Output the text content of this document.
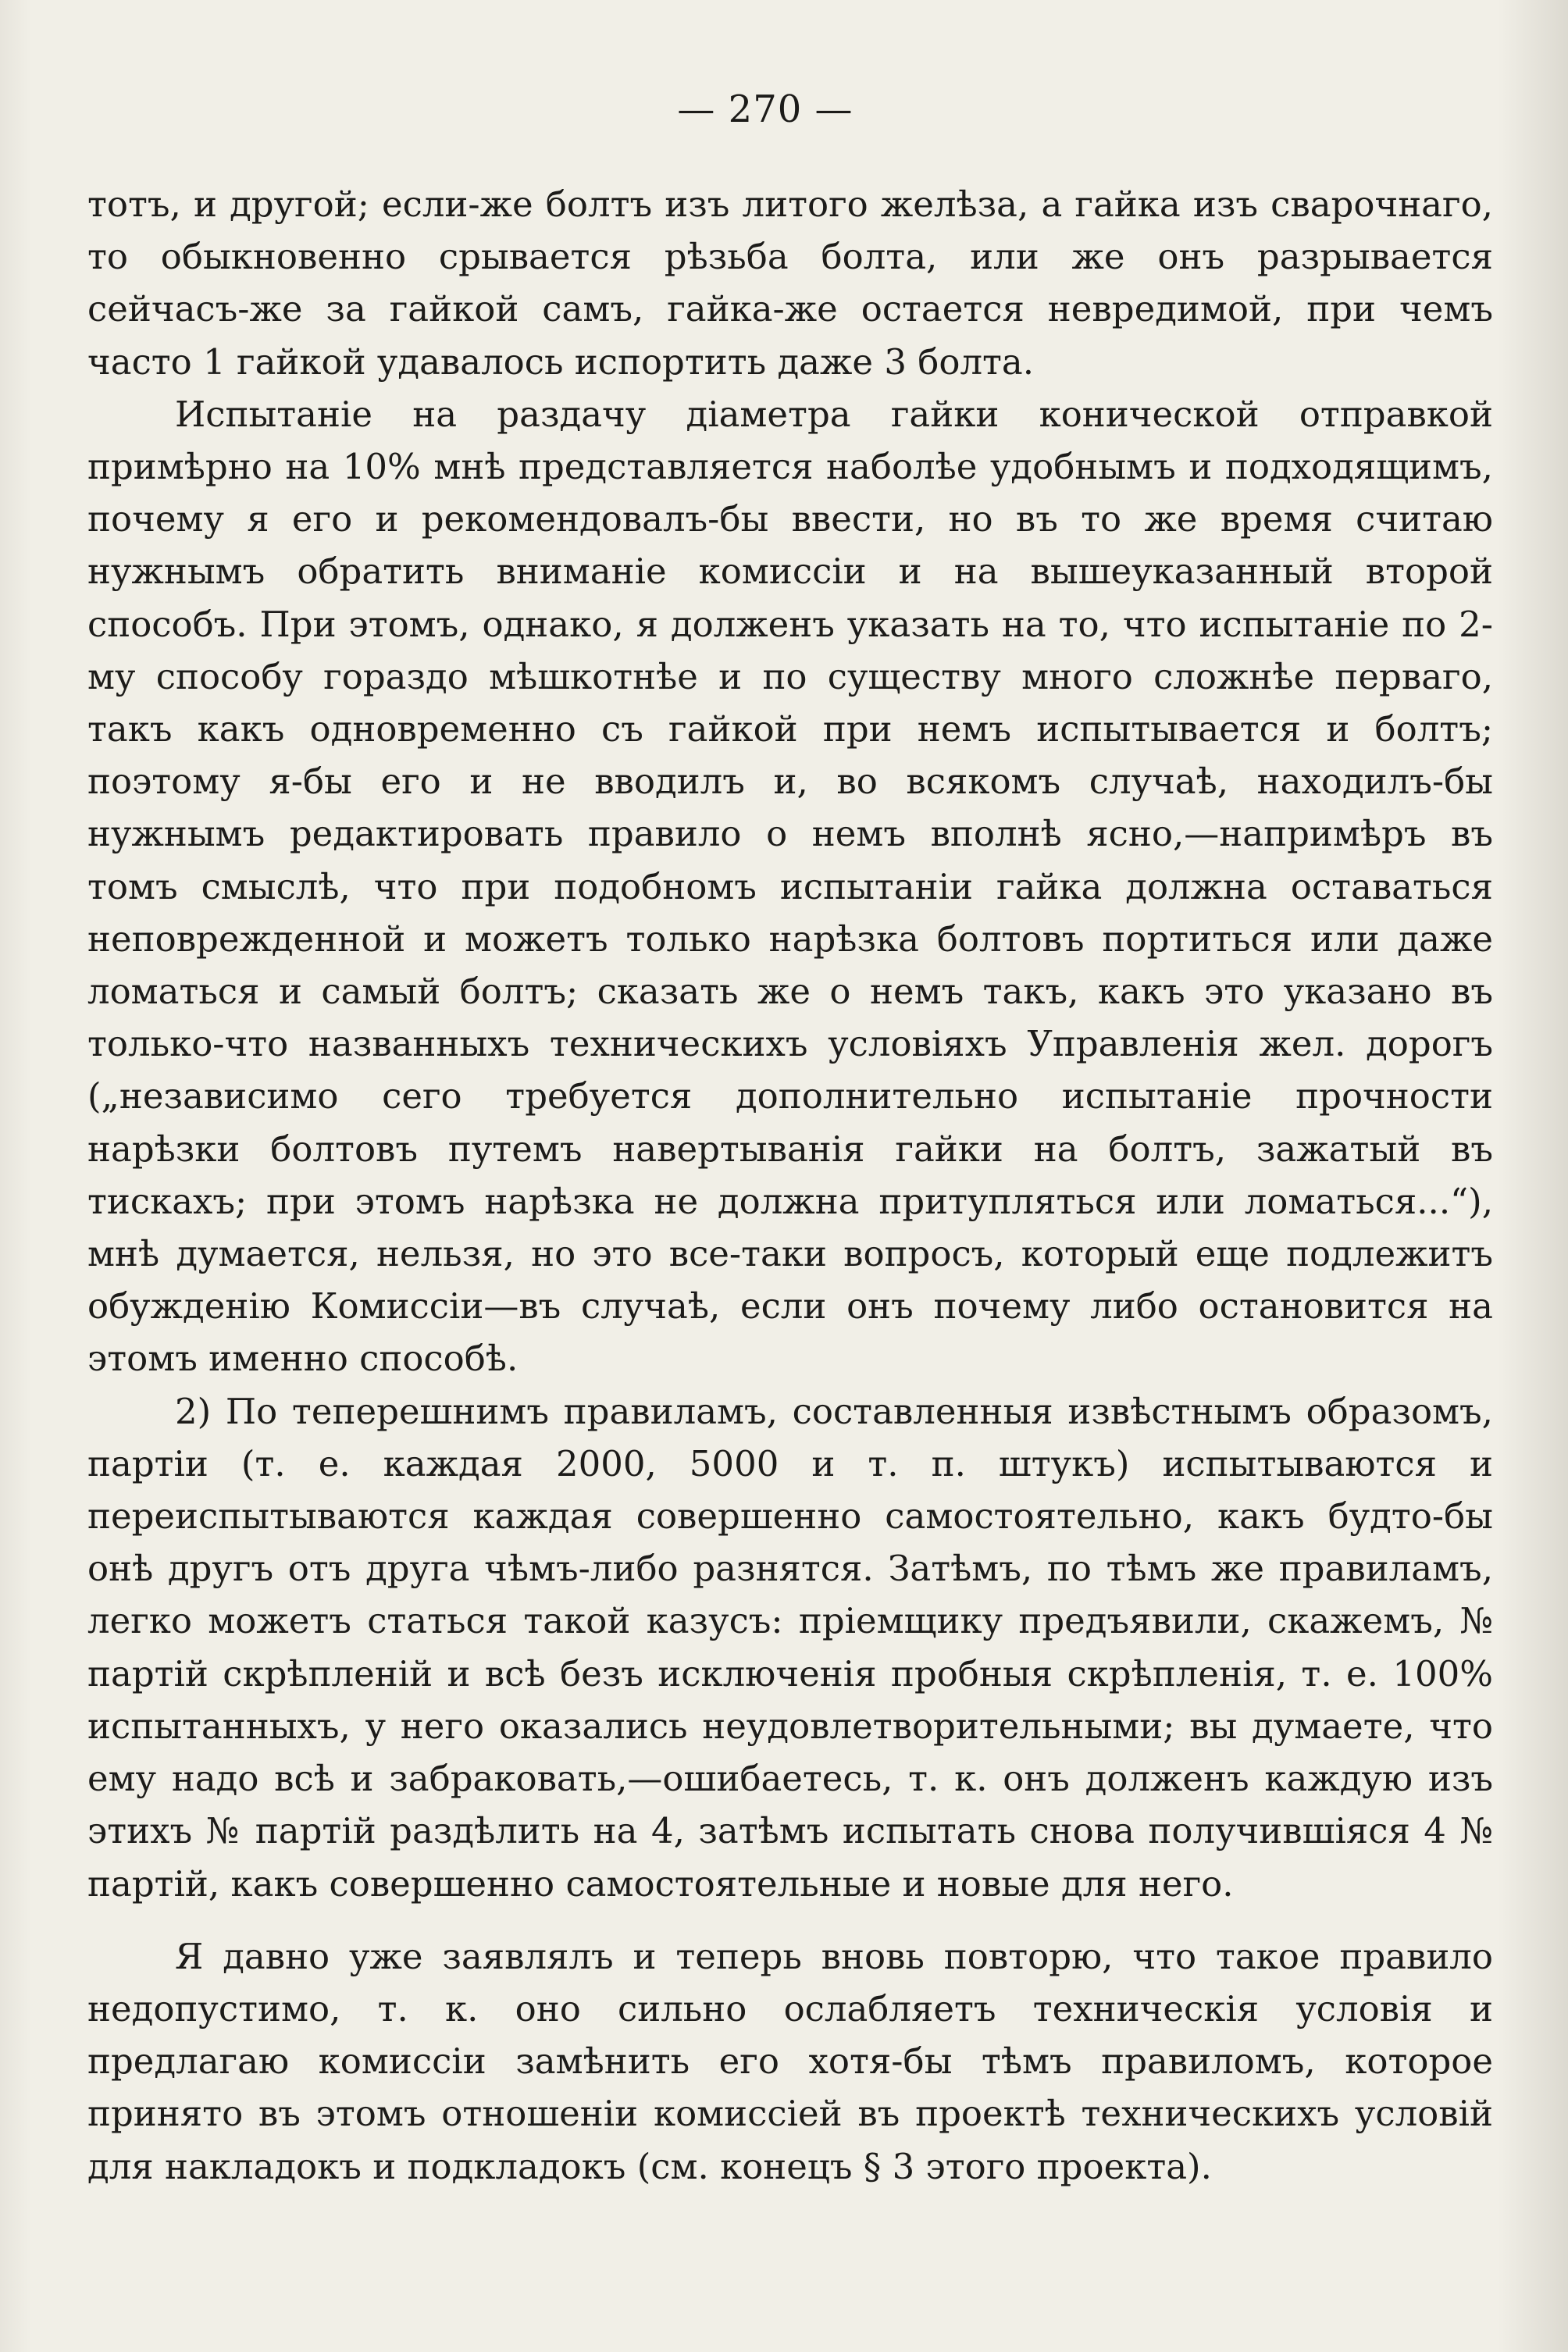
— 270 —

тотъ, и другой; если-же болтъ изъ литого желѣза, а гайка изъ сварочнаго, то обыкновенно срывается рѣзьба болта, или же онъ разрывается сейчасъ-же за гайкой самъ, гайка-же остается невредимой, при чемъ часто 1 гайкой удавалось испортить даже 3 болта.

Испытанiе на раздачу дiаметра гайки конической отправкой примѣрно на 10% мнѣ представляется наболѣе удобнымъ и подходящимъ, почему я его и рекомендовалъ-бы ввести, но въ то же время считаю нужнымъ обратить вниманiе комиссiи и на вышеуказанный второй способъ. При этомъ, однако, я долженъ указать на то, что испытанiе по 2-му способу гораздо мѣшкотнѣе и по существу много сложнѣе перваго, такъ какъ одновременно съ гайкой при немъ испытывается и болтъ; поэтому я-бы его и не вводилъ и, во всякомъ случаѣ, находилъ-бы нужнымъ редактировать правило о немъ вполнѣ ясно,—напримѣръ въ томъ смыслѣ, что при подобномъ испытанiи гайка должна оставаться неповрежденной и можетъ только нарѣзка болтовъ портиться или даже ломаться и самый болтъ; сказать же о немъ такъ, какъ это указано въ только-что названныхъ техническихъ условiяхъ Управленiя жел. дорогъ („независимо сего требуется дополнительно испытанiе прочности нарѣзки болтовъ путемъ навертыванiя гайки на болтъ, зажатый въ тискахъ; при этомъ нарѣзка не должна притупляться или ломаться...“), мнѣ думается, нельзя, но это все-таки вопросъ, который еще подлежитъ обужденiю Комиссiи—въ случаѣ, если онъ почему либо остановится на этомъ именно способѣ.

2) По теперешнимъ правиламъ, составленныя извѣстнымъ образомъ, партiи (т. е. каждая 2000, 5000 и т. п. штукъ) испытываются и переиспытываются каждая совершенно самостоятельно, какъ будто-бы онѣ другъ отъ друга чѣмъ-либо разнятся. Затѣмъ, по тѣмъ же правиламъ, легко можетъ статься такой казусъ: прiемщику предъявили, скажемъ, № партiй скрѣпленiй и всѣ безъ исключенiя пробныя скрѣпленiя, т. е. 100% испытанныхъ, у него оказались неудовлетворительными; вы думаете, что ему надо всѣ и забраковать,—ошибаетесь, т. к. онъ долженъ каждую изъ этихъ № партiй раздѣлить на 4, затѣмъ испытать снова получившiяся 4 № партiй, какъ совершенно самостоятельные и новые для него.

Я давно уже заявлялъ и теперь вновь повторю, что такое правило недопустимо, т. к. оно сильно ослабляетъ техническiя условiя и предлагаю комиссiи замѣнить его хотя-бы тѣмъ правиломъ, которое принято въ этомъ отношенiи комиссiей въ проектѣ техническихъ условiй для накладокъ и подкладокъ (см. конецъ § 3 этого проекта).
